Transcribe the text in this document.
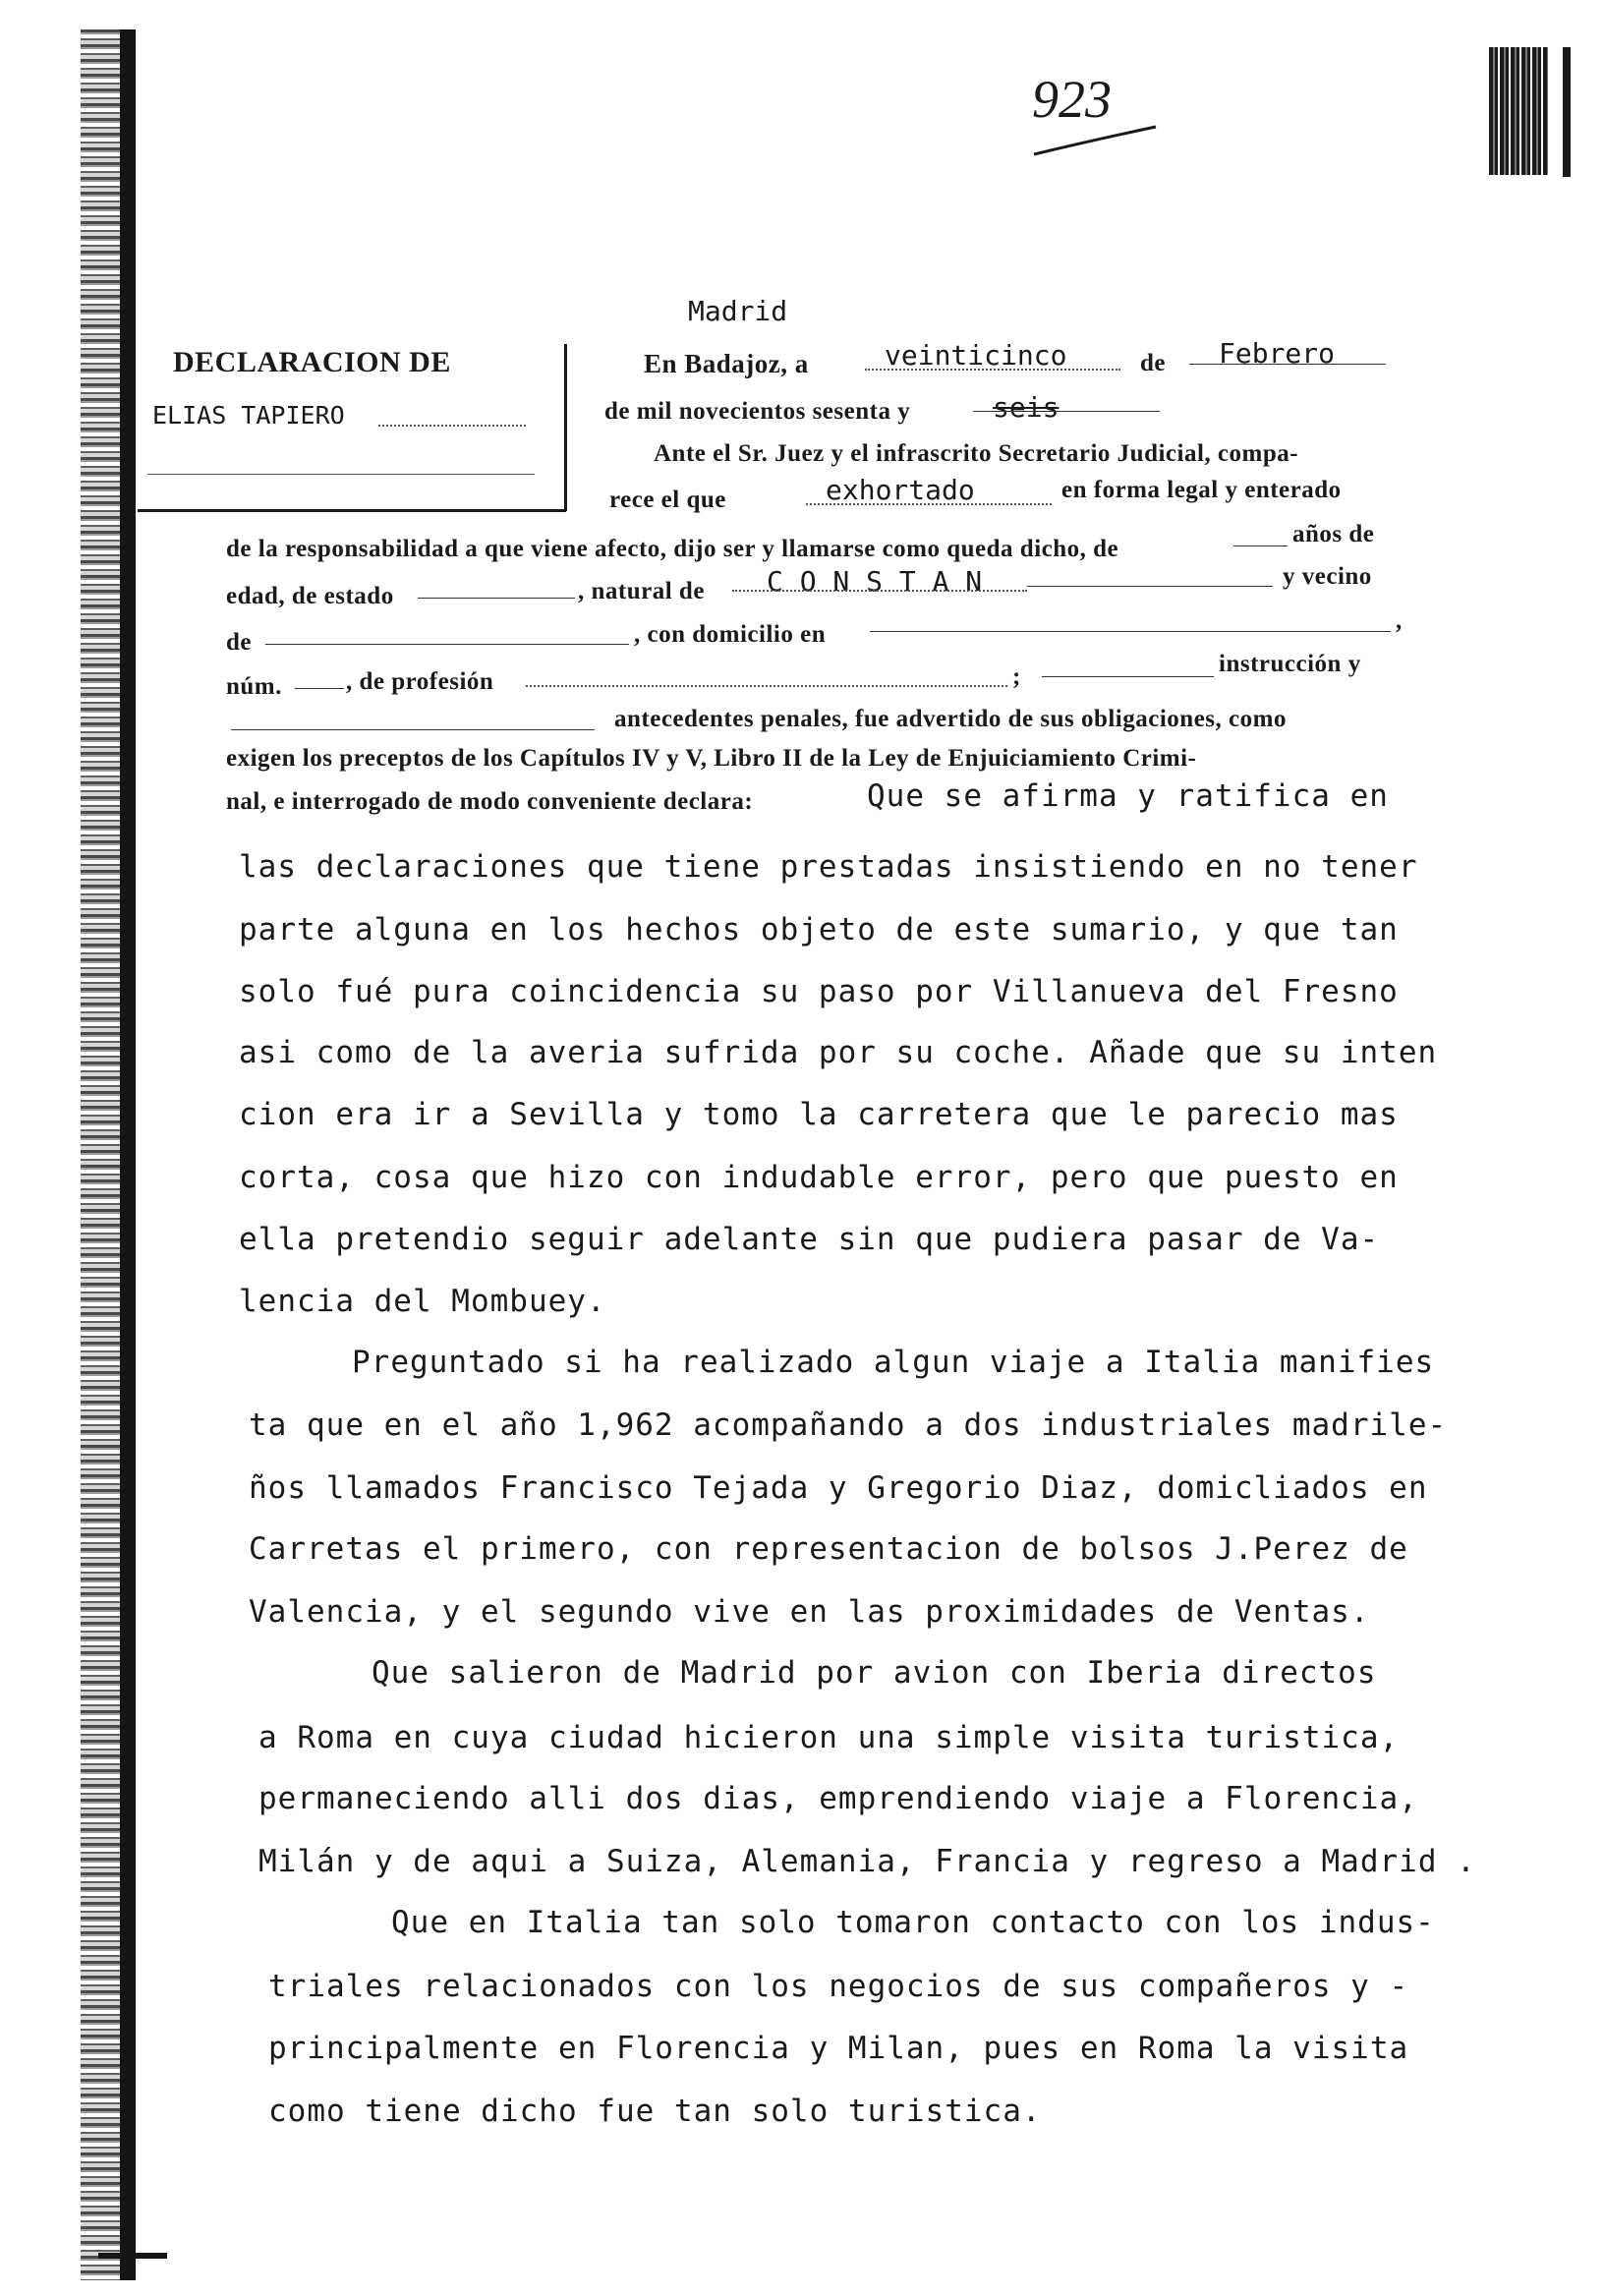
923
DECLARACION DE
ELIAS TAPIERO
Madrid
En Badajoz, a	veinticinco	de Febrero
de mil novecientos sesenta y	seis
Ante el Sr. Juez y el infrascrito Secretario Judicial, compa-
rece el que	exhortado	en forma legal y enterado
de la responsabilidad a que viene afecto, dijo ser y llamarse como queda dicho, de
años de
edad, de estado	, natural de C O N S T A N	y vecino
de	, con domicilio en
,
núm.	, de profesión	;	instrucción y
antecedentes penales, fue advertido de sus obligaciones, como
exigen los preceptos de los Capítulos IV y V, Libro II de la Ley de Enjuiciamiento Crimi-
nal, e interrogado de modo conveniente declara:	Que se afirma y ratifica en
las declaraciones que tiene prestadas insistiendo en no tener
parte alguna en los hechos objeto de este sumario, y que tan
solo fué pura coincidencia su paso por Villanueva del Fresno
asi como de la averia sufrida por su coche. Añade que su inten
cion era ir a Sevilla y tomo la carretera que le parecio mas
corta, cosa que hizo con indudable error, pero que puesto en
ella pretendio seguir adelante sin que pudiera pasar de Va-
lencia del Mombuey.
Preguntado si ha realizado algun viaje a Italia manifies
ta que en el año 1,962 acompañando a dos industriales madrile-
ños llamados Francisco Tejada y Gregorio Diaz, domicliados en
Carretas el primero, con representacion de bolsos J.Perez de
Valencia, y el segundo vive en las proximidades de Ventas.
Que salieron de Madrid por avion con Iberia directos
a Roma en cuya ciudad hicieron una simple visita turistica,
permaneciendo alli dos dias, emprendiendo viaje a Florencia,
Milán y de aqui a Suiza, Alemania, Francia y regreso a Madrid .
Que en Italia tan solo tomaron contacto con los indus-
triales relacionados con los negocios de sus compañeros y -
principalmente en Florencia y Milan, pues en Roma la visita
como tiene dicho fue tan solo turistica.
